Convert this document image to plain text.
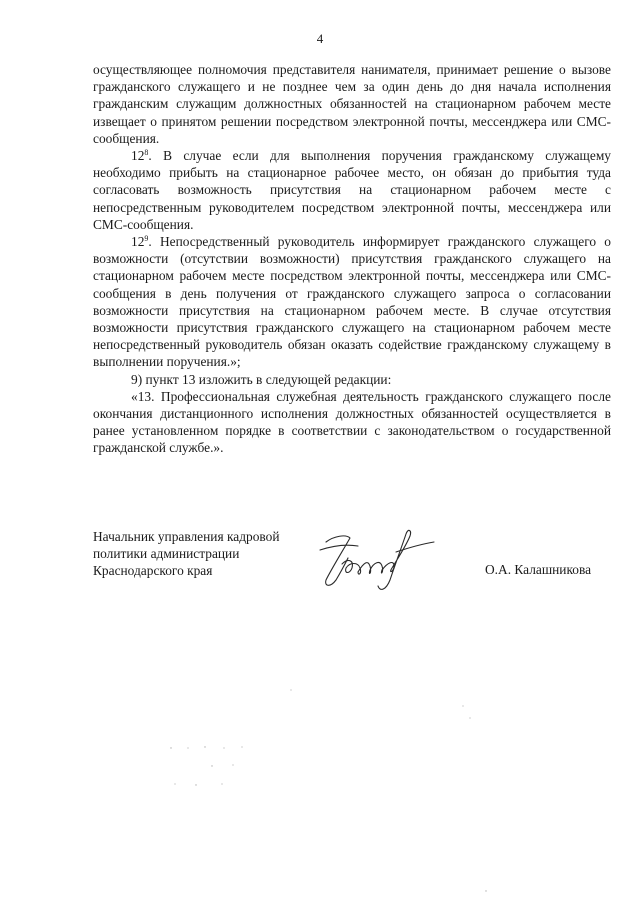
4

осуществляющее полномочия представителя нанимателя, принимает решение о вызове гражданского служащего и не позднее чем за один день до дня начала исполнения гражданским служащим должностных обязанностей на стационарном рабочем месте извещает о принятом решении посредством электронной почты, мессенджера или СМС-сообщения.

$12^8$. В случае если для выполнения поручения гражданскому служащему необходимо прибыть на стационарное рабочее место, он обязан до прибытия туда согласовать возможность присутствия на стационарном рабочем месте с непосредственным руководителем посредством электронной почты, мессенджера или СМС-сообщения.

$12^9$. Непосредственный руководитель информирует гражданского служащего о возможности (отсутствии возможности) присутствия гражданского служащего на стационарном рабочем месте посредством электронной почты, мессенджера или СМС-сообщения в день получения от гражданского служащего запроса о согласовании возможности присутствия на стационарном рабочем месте. В случае отсутствия возможности присутствия гражданского служащего на стационарном рабочем месте непосредственный руководитель обязан оказать содействие гражданскому служащему в выполнении поручения.»;

9) пункт 13 изложить в следующей редакции:

«13. Профессиональная служебная деятельность гражданского служащего после окончания дистанционного исполнения должностных обязанностей осуществляется в ранее установленном порядке в соответствии с законодательством о государственной гражданской службе.».

Начальник управления кадровой
политики администрации
Краснодарского края	О.А. Калашникова
